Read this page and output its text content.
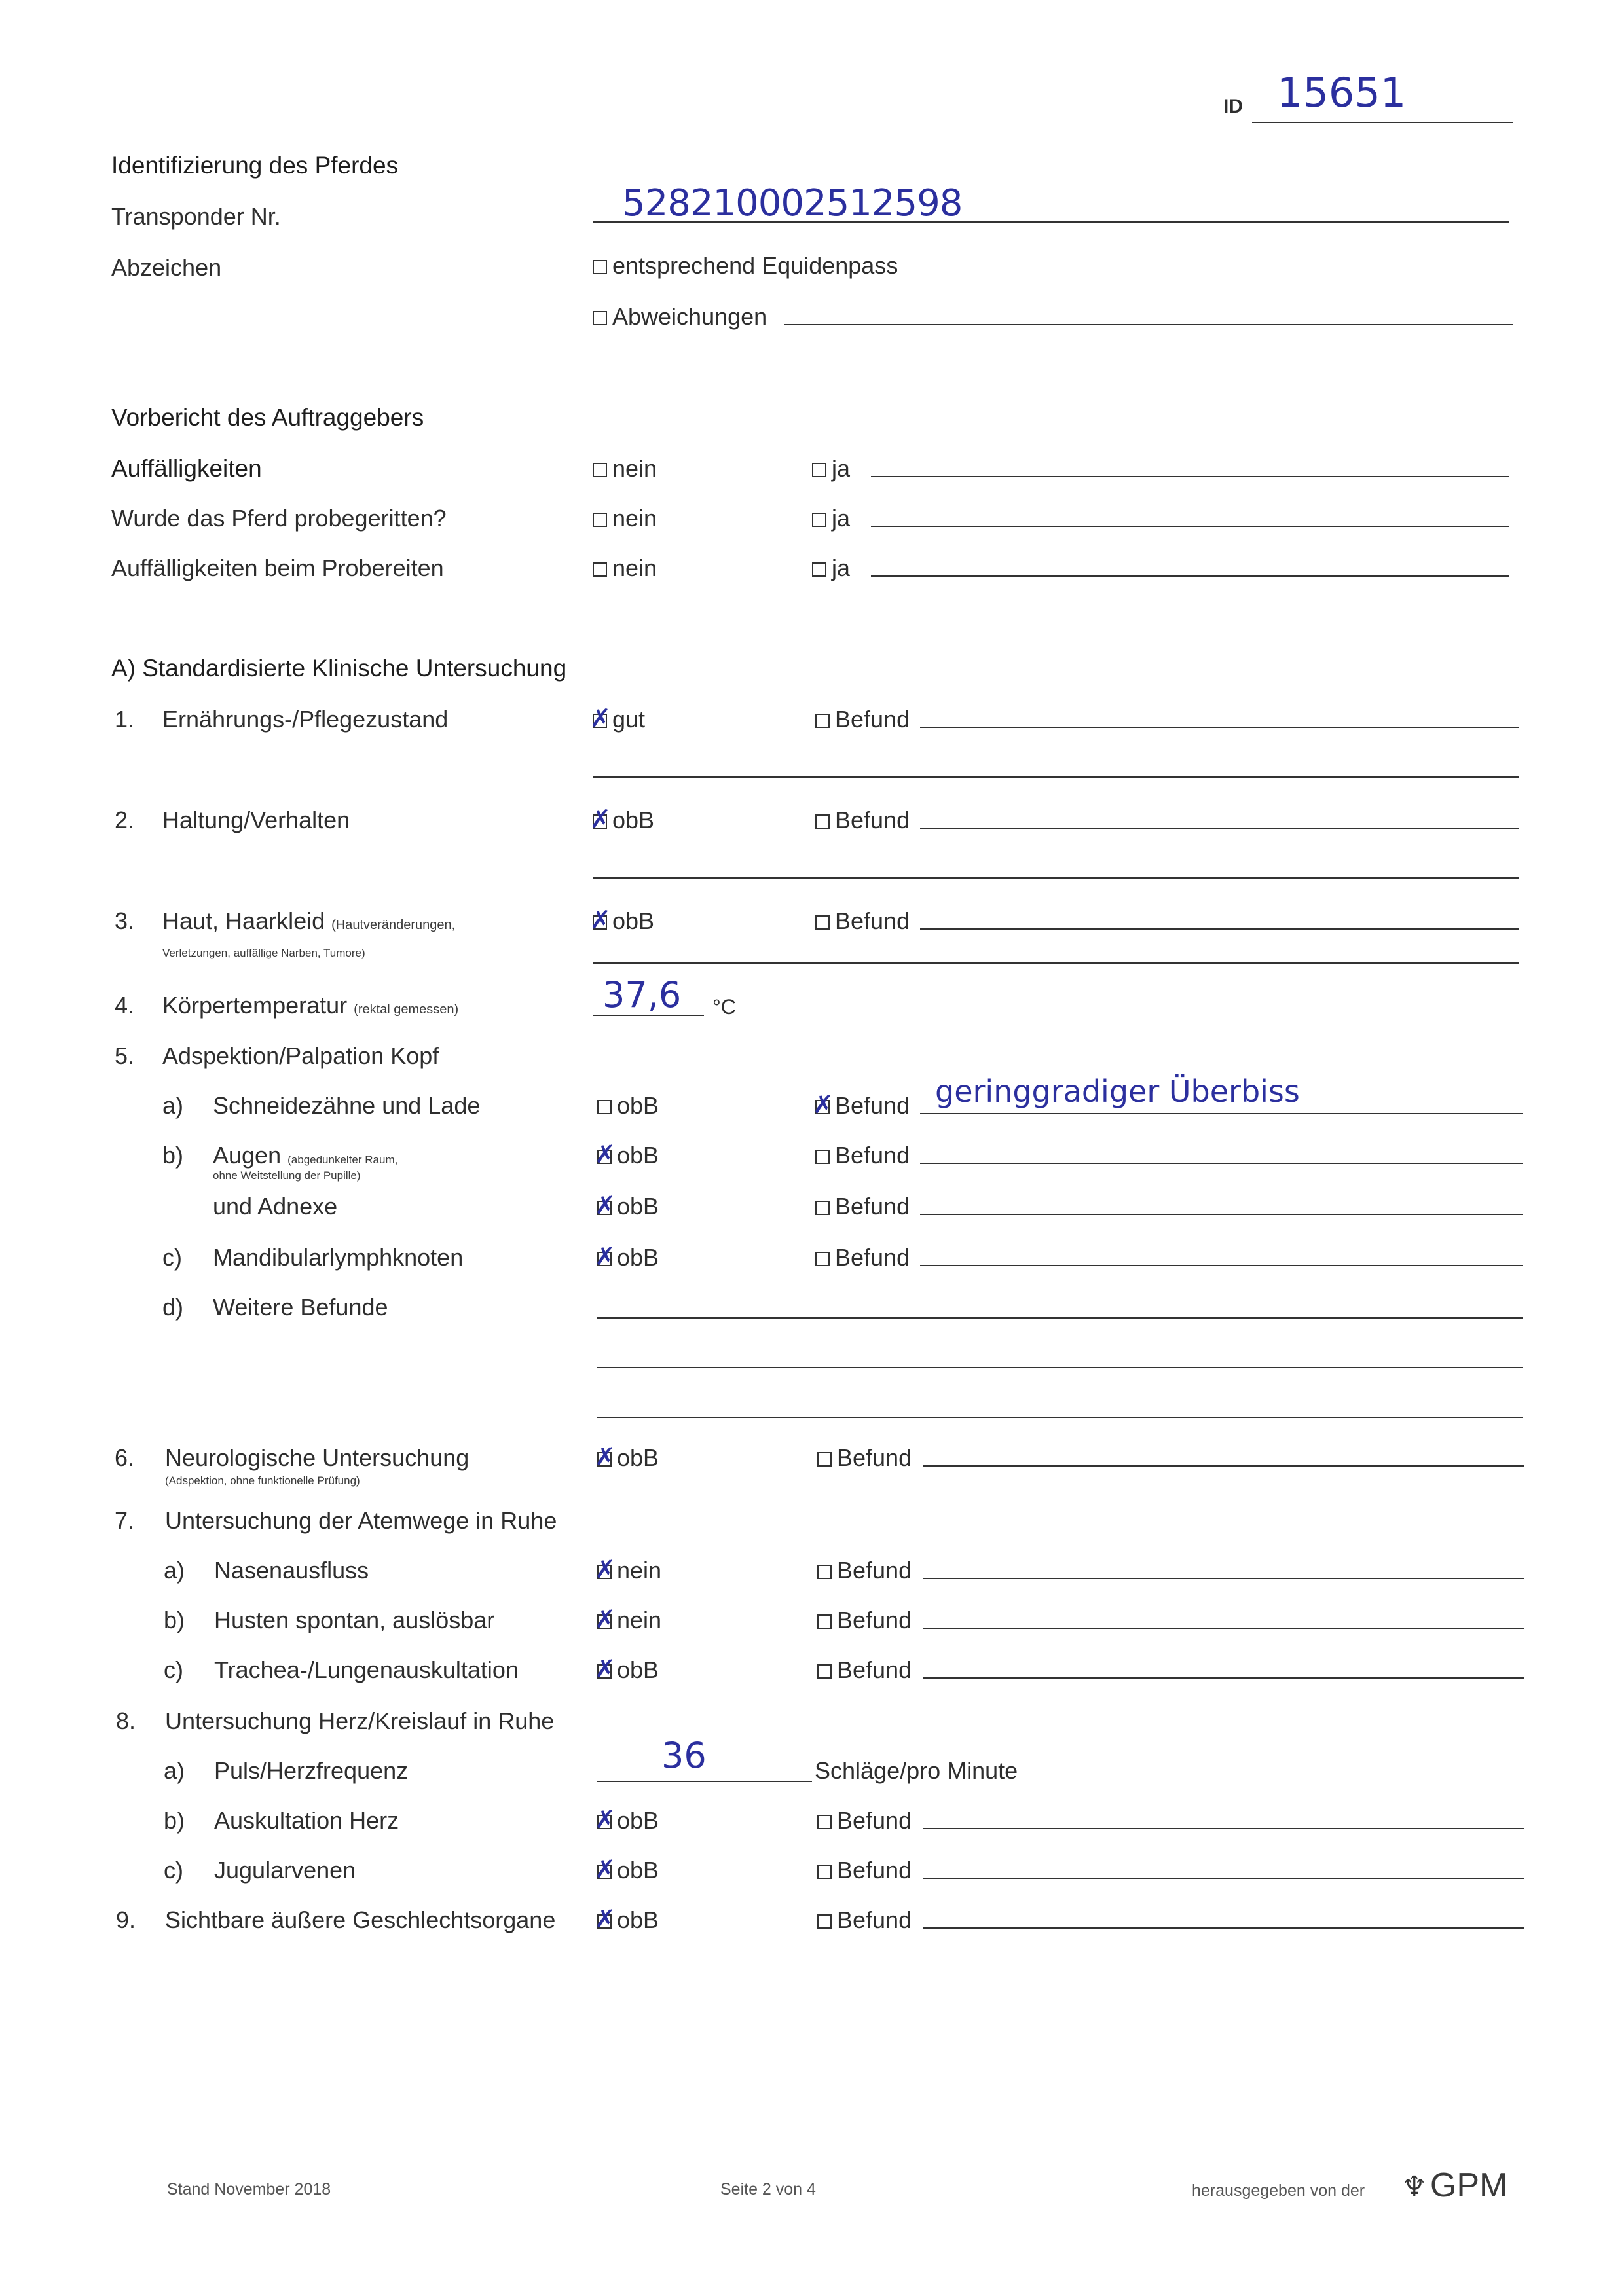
ID 15651
Identifizierung des Pferdes
Transponder Nr.	528210002512598
Abzeichen	entsprechend Equidenpass
Abweichungen
Vorbericht des Auftraggebers
Auffälligkeiten	nein	ja
Wurde das Pferd probegeritten?	nein	ja
Auffälligkeiten beim Probereiten	nein	ja
A) Standardisierte Klinische Untersuchung
1. Ernährungs-/Pflegezustand ✗	gut	Befund
2. Haltung/Verhalten ✗	obB	Befund
3. Haut, Haarkleid (Hautveränderungen,
Verletzungen, auffällige Narben, Tumore)
✗obB	Befund
4. Körpertemperatur (rektal gemessen)	37,6 °C
5. Adspektion/Palpation Kopf
a) Schneidezähne und Lade	obB ✗	Befund geringgradiger Überbiss
b) Augen (abgedunkelter Raum,
ohne Weitstellung der Pupille)
✗obB	Befund
und Adnexe ✗	obB	Befund
c) Mandibularlymphknoten ✗	obB	Befund
d) Weitere Befunde
6. Neurologische Untersuchung
(Adspektion, ohne funktionelle Prüfung)
✗obB	Befund
7. Untersuchung der Atemwege in Ruhe
a) Nasenausfluss ✗	nein	Befund
b) Husten spontan, auslösbar ✗	nein	Befund
c) Trachea-/Lungenauskultation ✗	obB	Befund
8. Untersuchung Herz/Kreislauf in Ruhe
a) Puls/Herzfrequenz	36	Schläge/pro Minute
b) Auskultation Herz ✗	obB	Befund
c) Jugularvenen ✗	obB	Befund
9. Sichtbare äußere Geschlechtsorgane ✗	obB	Befund
Stand November 2018	Seite 2 von 4	herausgegeben von der ♆ GPM
